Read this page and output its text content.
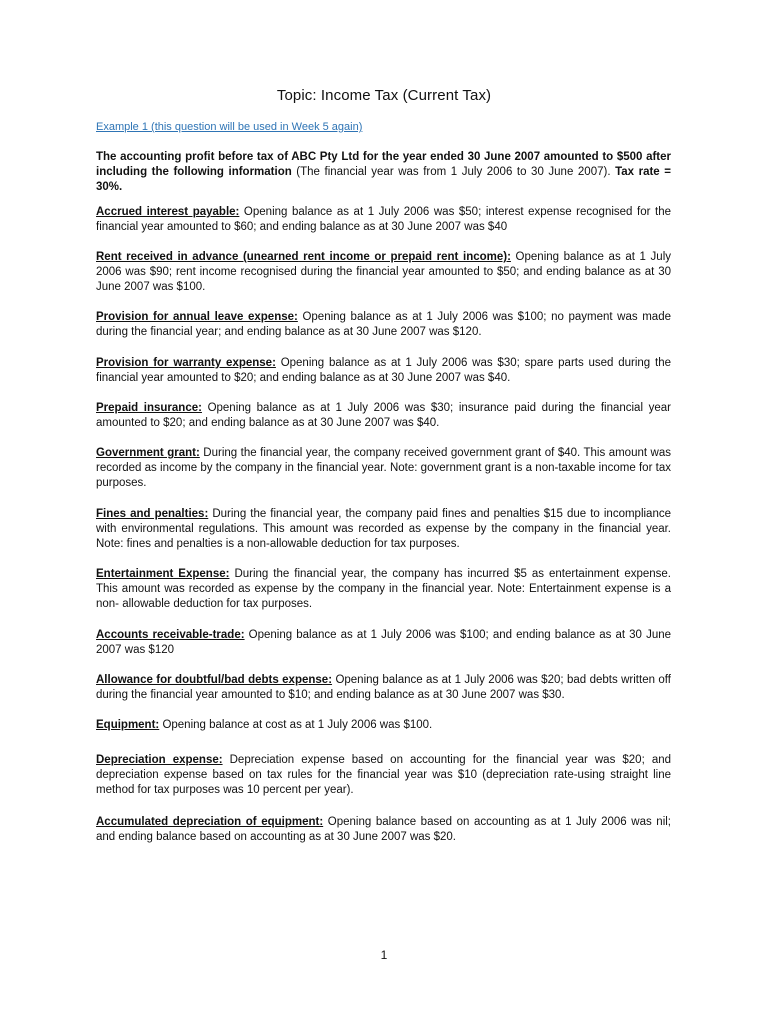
Topic: Income Tax (Current Tax)
Example 1 (this question will be used in Week 5 again)
The accounting profit before tax of ABC Pty Ltd for the year ended 30 June 2007 amounted to $500 after including the following information (The financial year was from 1 July 2006 to 30 June 2007). Tax rate = 30%.
Accrued interest payable: Opening balance as at 1 July 2006 was $50; interest expense recognised for the financial year amounted to $60; and ending balance as at 30 June 2007 was $40
Rent received in advance (unearned rent income or prepaid rent income): Opening balance as at 1 July 2006 was $90; rent income recognised during the financial year amounted to $50; and ending balance as at 30 June 2007 was $100.
Provision for annual leave expense: Opening balance as at 1 July 2006 was $100; no payment was made during the financial year; and ending balance as at 30 June 2007 was $120.
Provision for warranty expense: Opening balance as at 1 July 2006 was $30; spare parts used during the financial year amounted to $20; and ending balance as at 30 June 2007 was $40.
Prepaid insurance: Opening balance as at 1 July 2006 was $30; insurance paid during the financial year amounted to $20; and ending balance as at 30 June 2007 was $40.
Government grant: During the financial year, the company received government grant of $40. This amount was recorded as income by the company in the financial year. Note: government grant is a non-taxable income for tax purposes.
Fines and penalties: During the financial year, the company paid fines and penalties $15 due to incompliance with environmental regulations. This amount was recorded as expense by the company in the financial year. Note: fines and penalties is a non-allowable deduction for tax purposes.
Entertainment Expense: During the financial year, the company has incurred $5 as entertainment expense. This amount was recorded as expense by the company in the financial year. Note: Entertainment expense is a non- allowable deduction for tax purposes.
Accounts receivable-trade: Opening balance as at 1 July 2006 was $100; and ending balance as at 30 June 2007 was $120
Allowance for doubtful/bad debts expense: Opening balance as at 1 July 2006 was $20; bad debts written off during the financial year amounted to $10; and ending balance as at 30 June 2007 was $30.
Equipment: Opening balance at cost as at 1 July 2006 was $100.
Depreciation expense: Depreciation expense based on accounting for the financial year was $20; and depreciation expense based on tax rules for the financial year was $10 (depreciation rate-using straight line method for tax purposes was 10 percent per year).
Accumulated depreciation of equipment: Opening balance based on accounting as at 1 July 2006 was nil; and ending balance based on accounting as at 30 June 2007 was $20.
1
